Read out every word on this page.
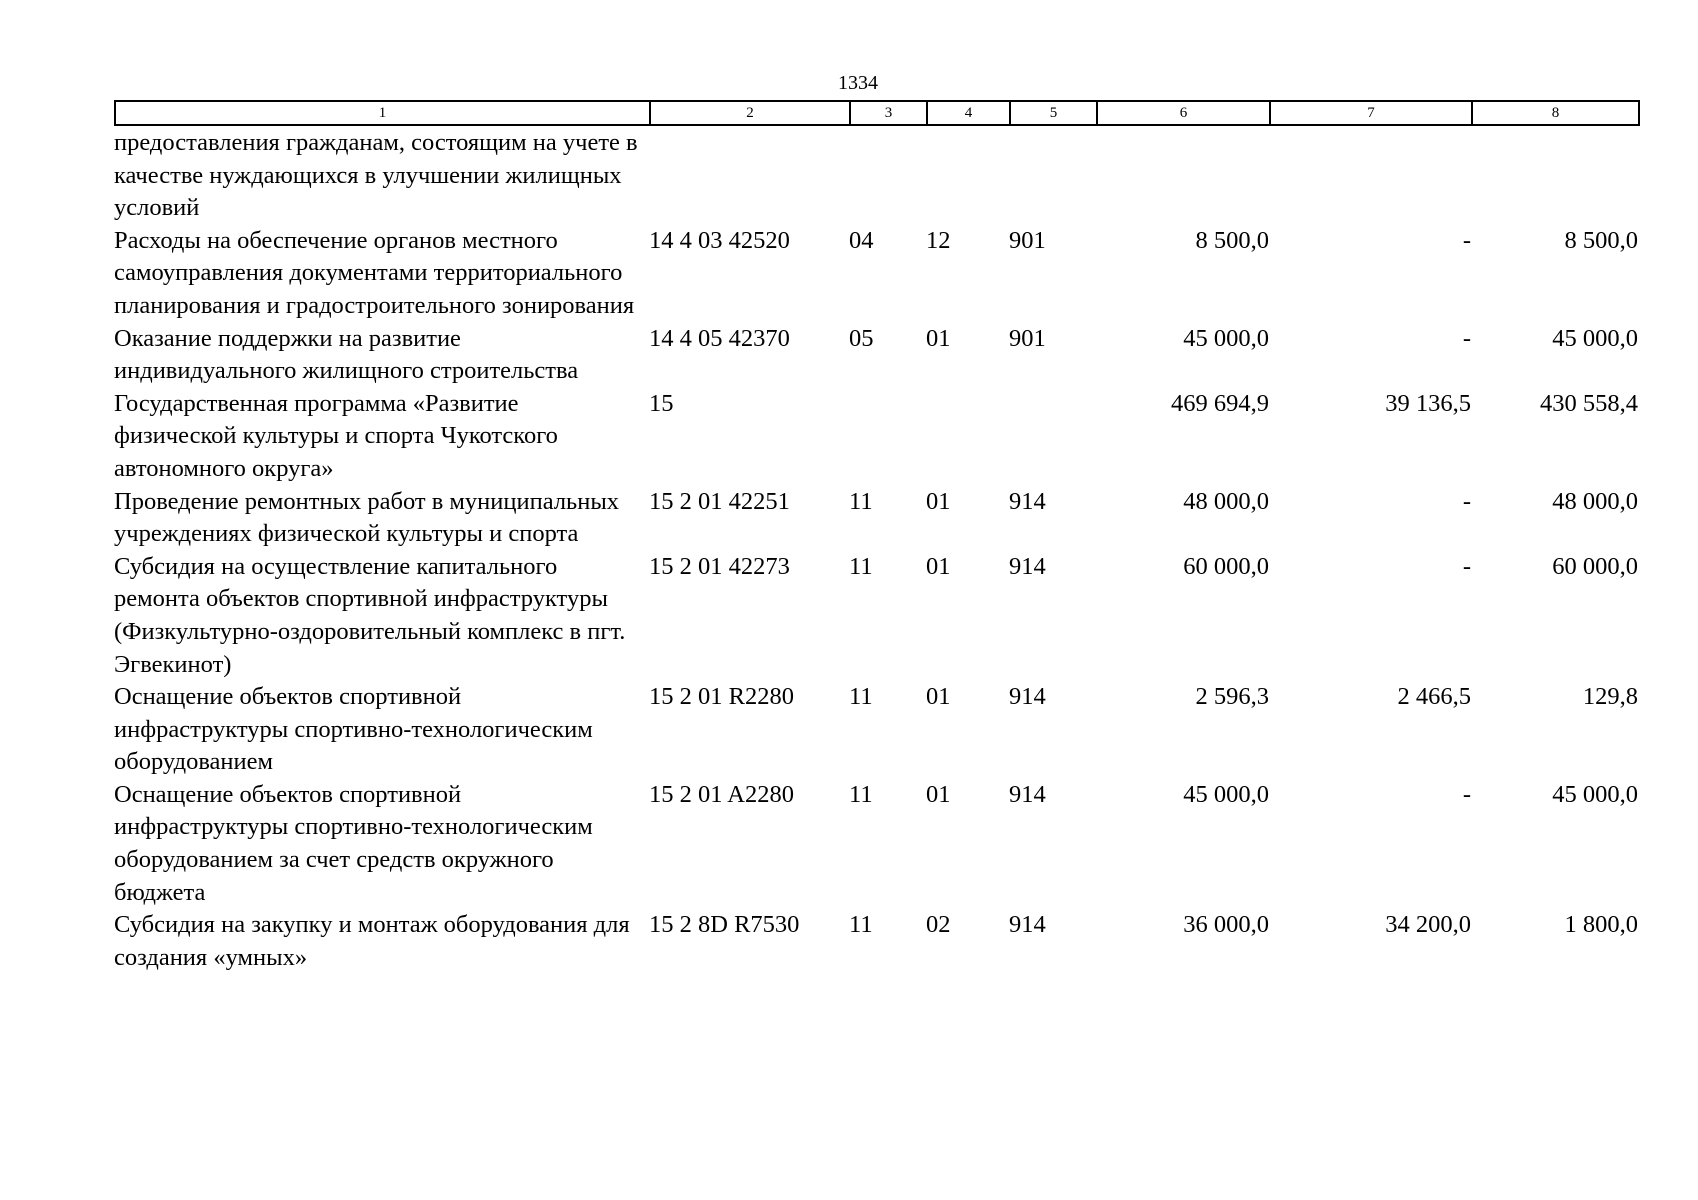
1334
1	2	3	4	5	6	7	8
предоставления гражданам, состоящим на учете в качестве нуждающихся в улучшении жилищных условий							
Расходы на обеспечение органов местного самоуправления документами территориального планирования и градостроительного зонирования	14 4 03 42520	04	12	901	8 500,0	-	8 500,0
Оказание поддержки на развитие индивидуального жилищного строительства	14 4 05 42370	05	01	901	45 000,0	-	45 000,0
Государственная программа «Развитие физической культуры и спорта Чукотского автономного округа»	15				469 694,9	39 136,5	430 558,4
Проведение ремонтных работ в муниципальных учреждениях физической культуры и спорта	15 2 01 42251	11	01	914	48 000,0	-	48 000,0
Субсидия на осуществление капитального ремонта объектов спортивной инфраструктуры (Физкультурно-оздоровительный комплекс в пгт. Эгвекинот)	15 2 01 42273	11	01	914	60 000,0	-	60 000,0
Оснащение объектов спортивной инфраструктуры спортивно-технологическим оборудованием	15 2 01 R2280	11	01	914	2 596,3	2 466,5	129,8
Оснащение объектов спортивной инфраструктуры спортивно-технологическим оборудованием за счет средств окружного бюджета	15 2 01 A2280	11	01	914	45 000,0	-	45 000,0
Субсидия на закупку и монтаж оборудования для создания «умных»	15 2 8D R7530	11	02	914	36 000,0	34 200,0	1 800,0
